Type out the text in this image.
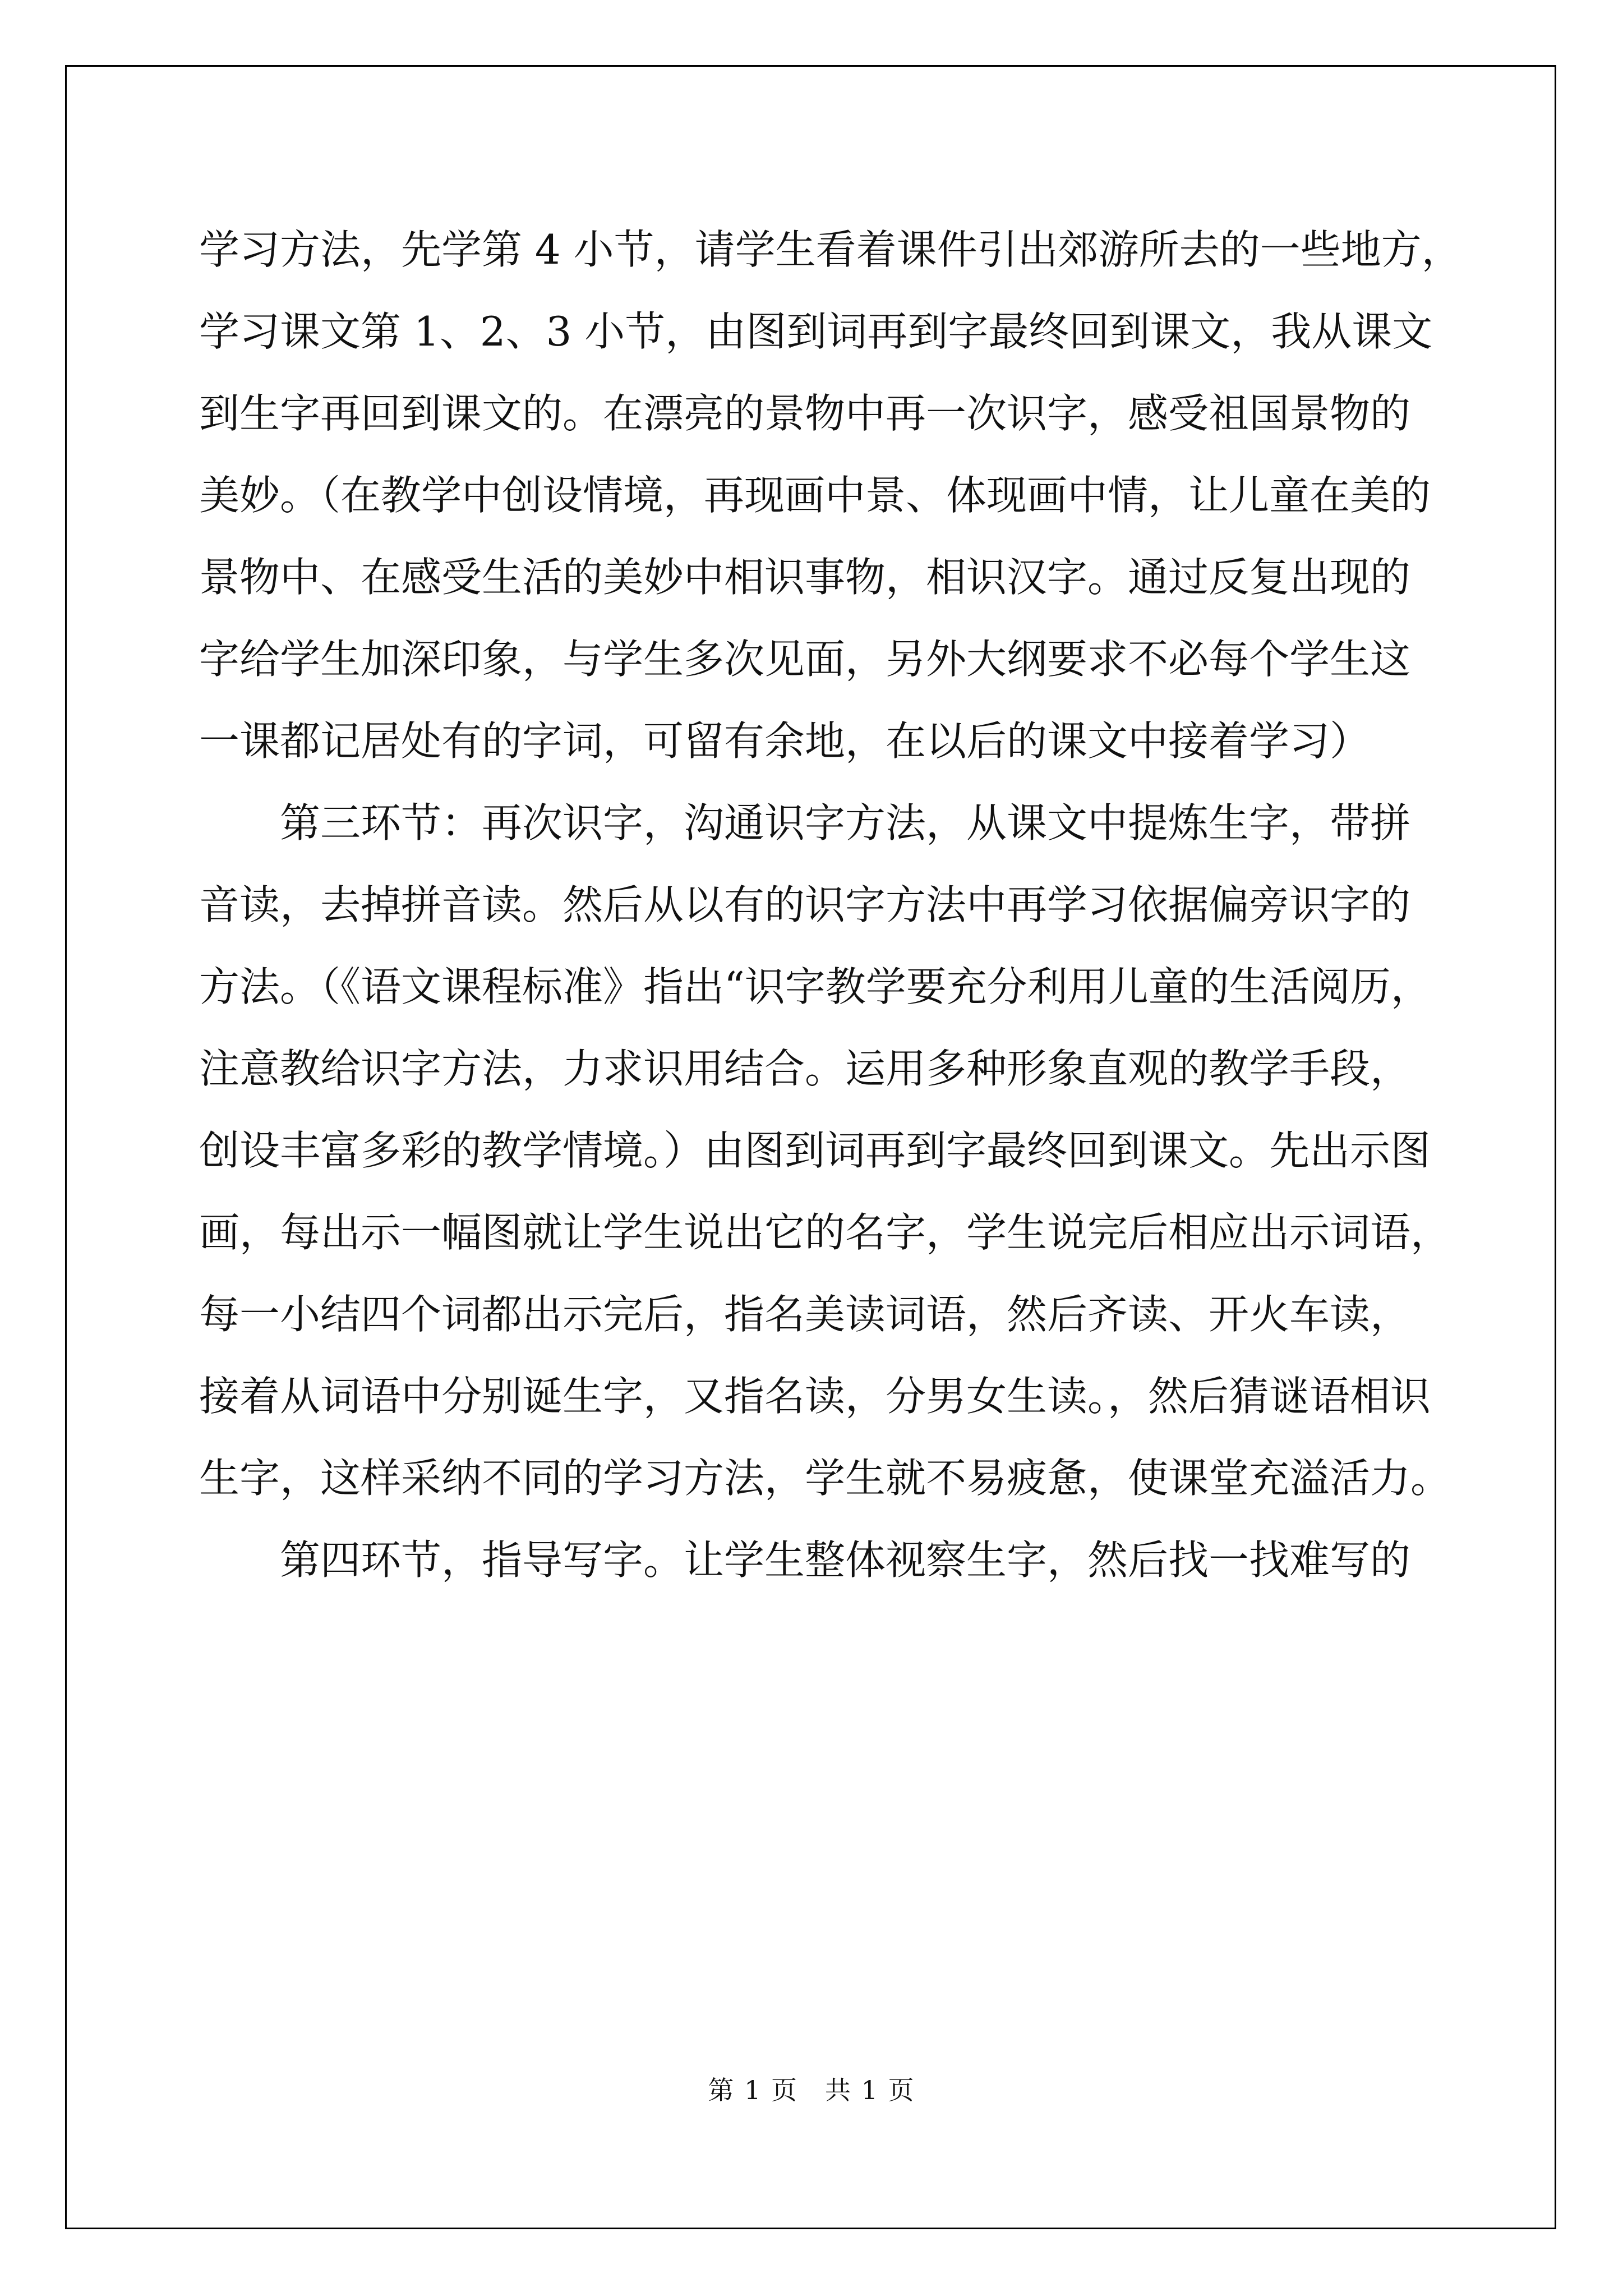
学习方法，先学第 4 小节，请学生看着课件引出郊游所去的一些地方，
学习课文第 1、2、3 小节，由图到词再到字最终回到课文，我从课文
到生字再回到课文的。在漂亮的景物中再一次识字，感受祖国景物的
美妙。（在教学中创设情境，再现画中景、体现画中情，让儿童在美的
景物中、在感受生活的美妙中相识事物，相识汉字。通过反复出现的
字给学生加深印象，与学生多次见面，另外大纲要求不必每个学生这
一课都记居处有的字词，可留有余地，在以后的课文中接着学习）
第三环节：再次识字，沟通识字方法，从课文中提炼生字，带拼
音读，去掉拼音读。然后从以有的识字方法中再学习依据偏旁识字的
方法。（《语文课程标准》指出“识字教学要充分利用儿童的生活阅历，
注意教给识字方法，力求识用结合。运用多种形象直观的教学手段，
创设丰富多彩的教学情境。）由图到词再到字最终回到课文。先出示图
画，每出示一幅图就让学生说出它的名字，学生说完后相应出示词语，
每一小结四个词都出示完后，指名美读词语，然后齐读、开火车读，
接着从词语中分别诞生字，又指名读，分男女生读。，然后猜谜语相识
生字，这样采纳不同的学习方法，学生就不易疲惫，使课堂充溢活力。
第四环节，指导写字。让学生整体视察生字，然后找一找难写的
第 1 页　共 1 页
